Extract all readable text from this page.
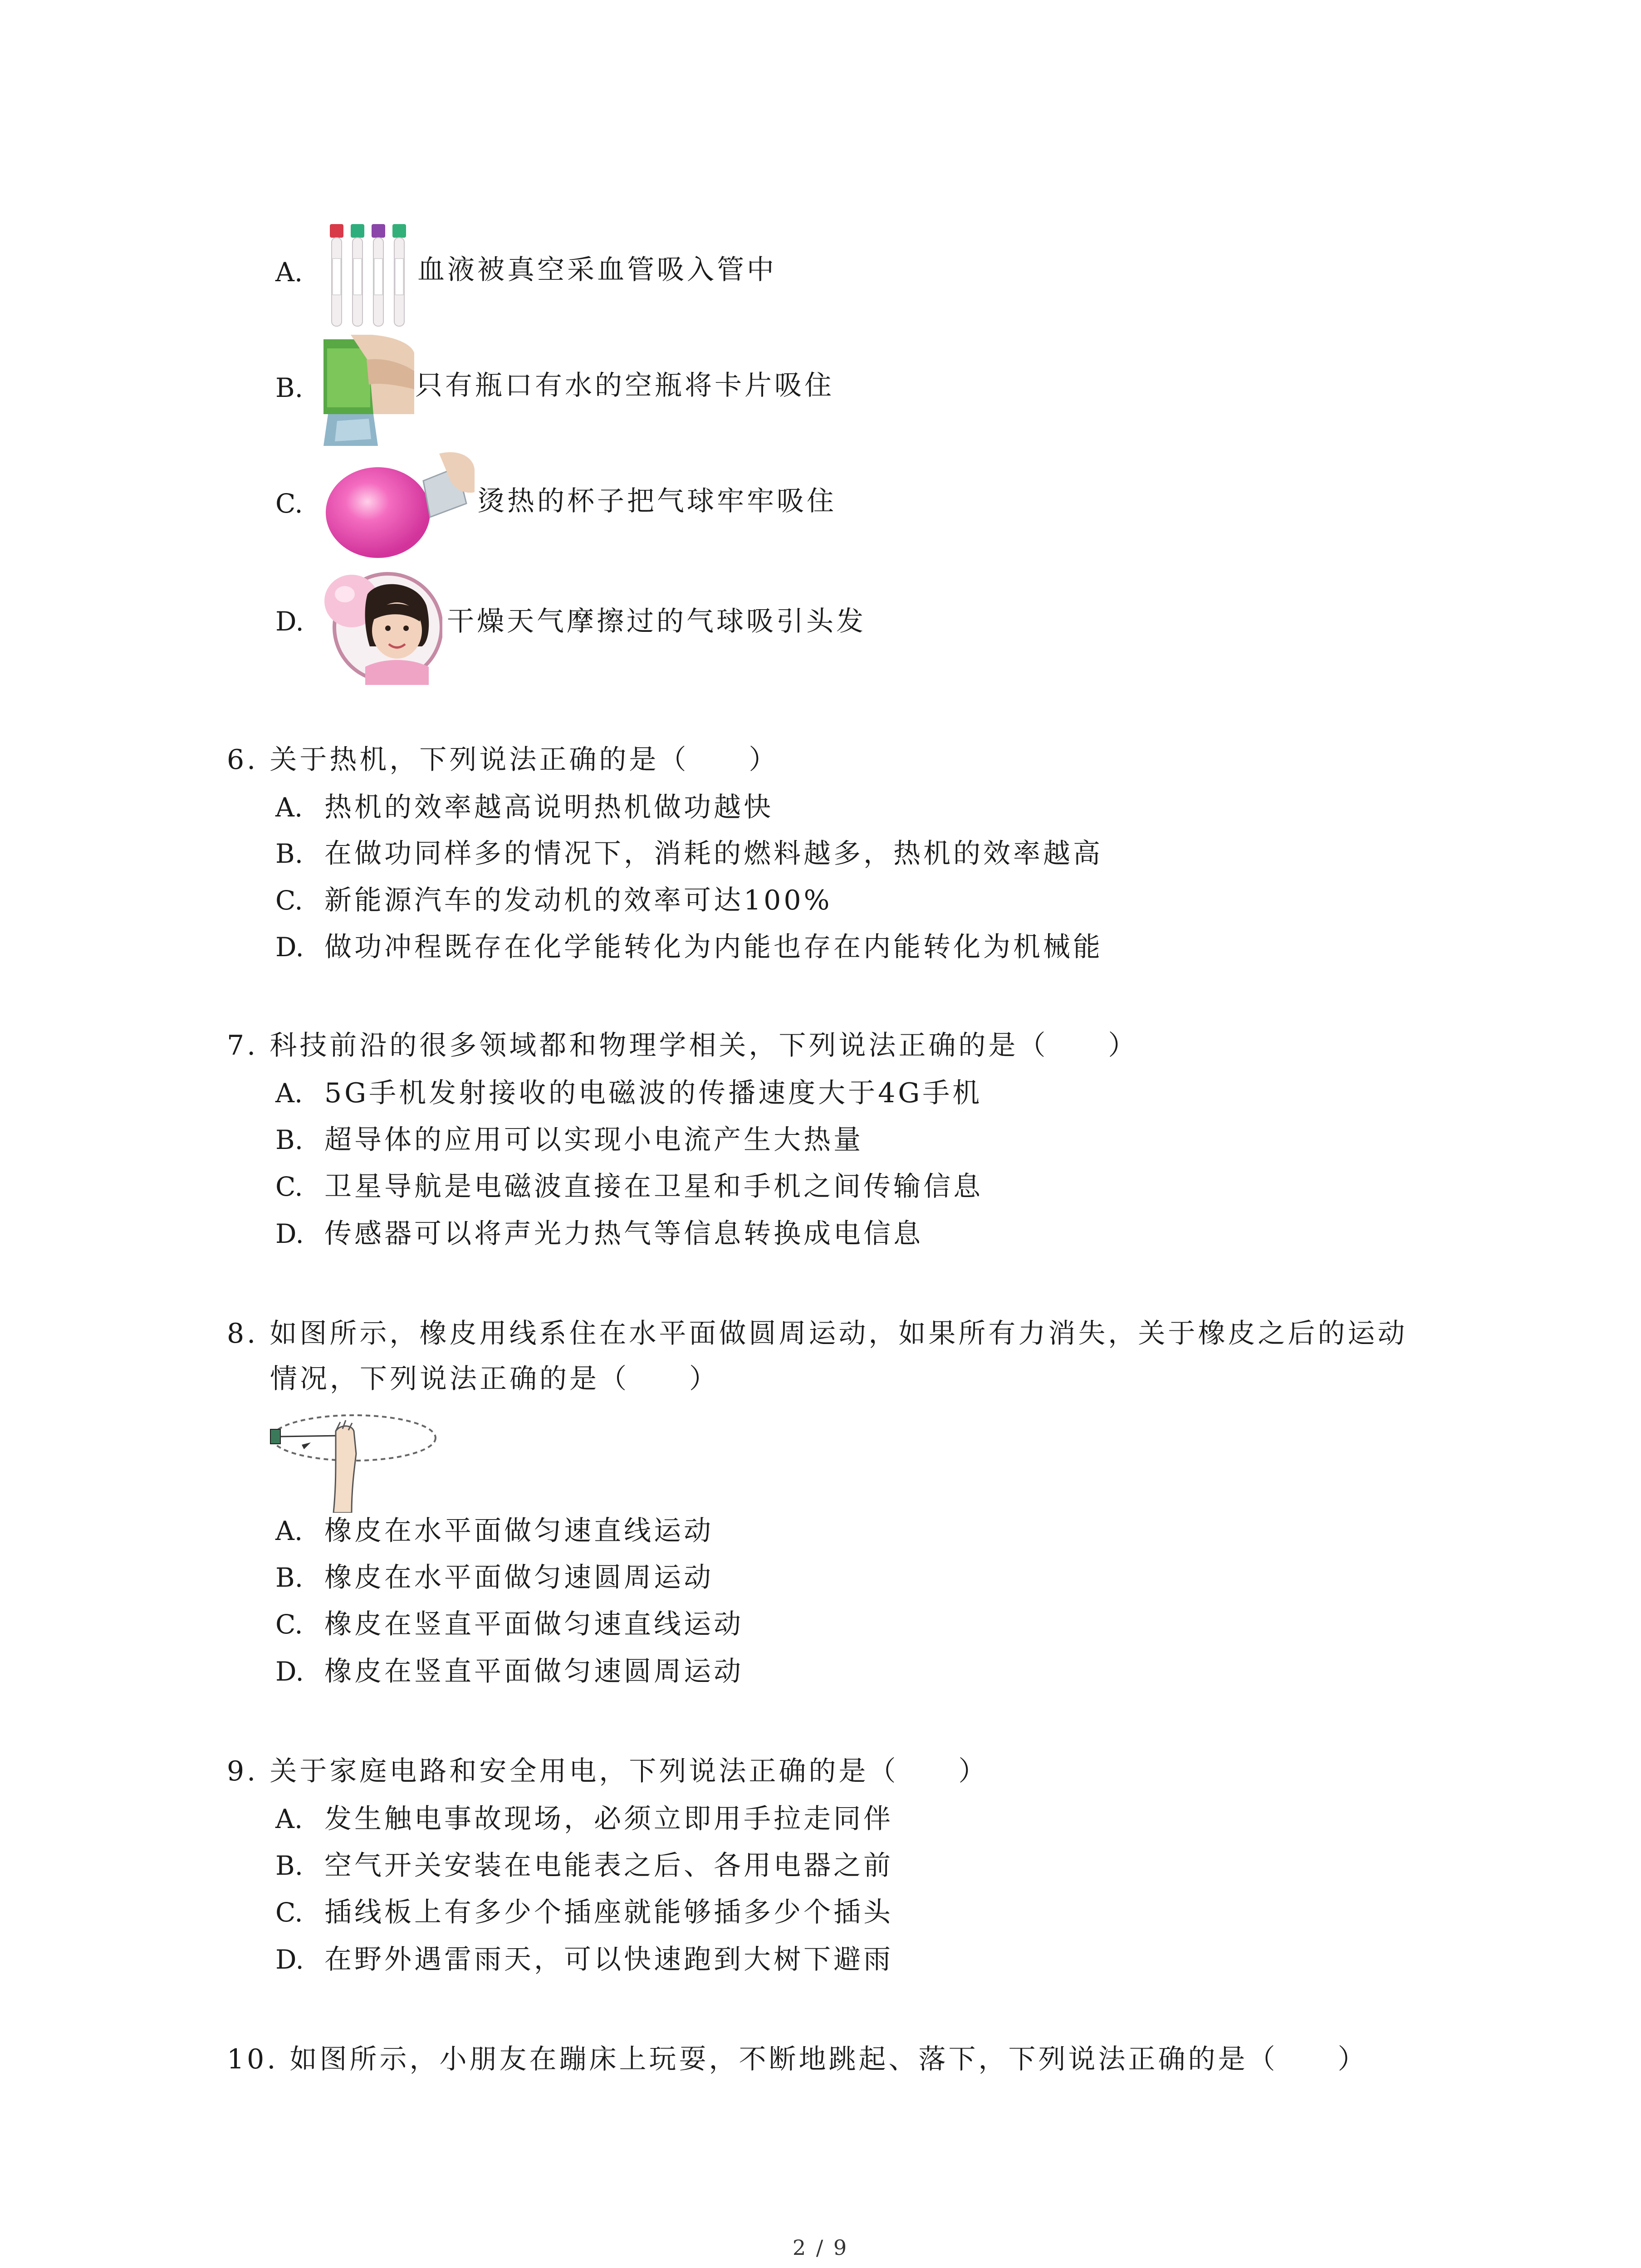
A.	血液被真空采血管吸入管中
B.	只有瓶口有水的空瓶将卡片吸住
C.	烫热的杯子把气球牢牢吸住
D.	干燥天气摩擦过的气球吸引头发
6. 关于热机，下列说法正确的是（　　）
A. 热机的效率越高说明热机做功越快
B. 在做功同样多的情况下，消耗的燃料越多，热机的效率越高
C. 新能源汽车的发动机的效率可达100%
D. 做功冲程既存在化学能转化为内能也存在内能转化为机械能
7. 科技前沿的很多领域都和物理学相关，下列说法正确的是（　　）
A. 5G手机发射接收的电磁波的传播速度大于4G手机
B. 超导体的应用可以实现小电流产生大热量
C. 卫星导航是电磁波直接在卫星和手机之间传输信息
D. 传感器可以将声光力热气等信息转换成电信息
8. 如图所示，橡皮用线系住在水平面做圆周运动，如果所有力消失，关于橡皮之后的运动
情况，下列说法正确的是（　　）
A. 橡皮在水平面做匀速直线运动
B. 橡皮在水平面做匀速圆周运动
C. 橡皮在竖直平面做匀速直线运动
D. 橡皮在竖直平面做匀速圆周运动
9. 关于家庭电路和安全用电，下列说法正确的是（　　）
A. 发生触电事故现场，必须立即用手拉走同伴
B. 空气开关安装在电能表之后、各用电器之前
C. 插线板上有多少个插座就能够插多少个插头
D. 在野外遇雷雨天，可以快速跑到大树下避雨
10. 如图所示，小朋友在蹦床上玩耍，不断地跳起、落下，下列说法正确的是（　　）
2 / 9
